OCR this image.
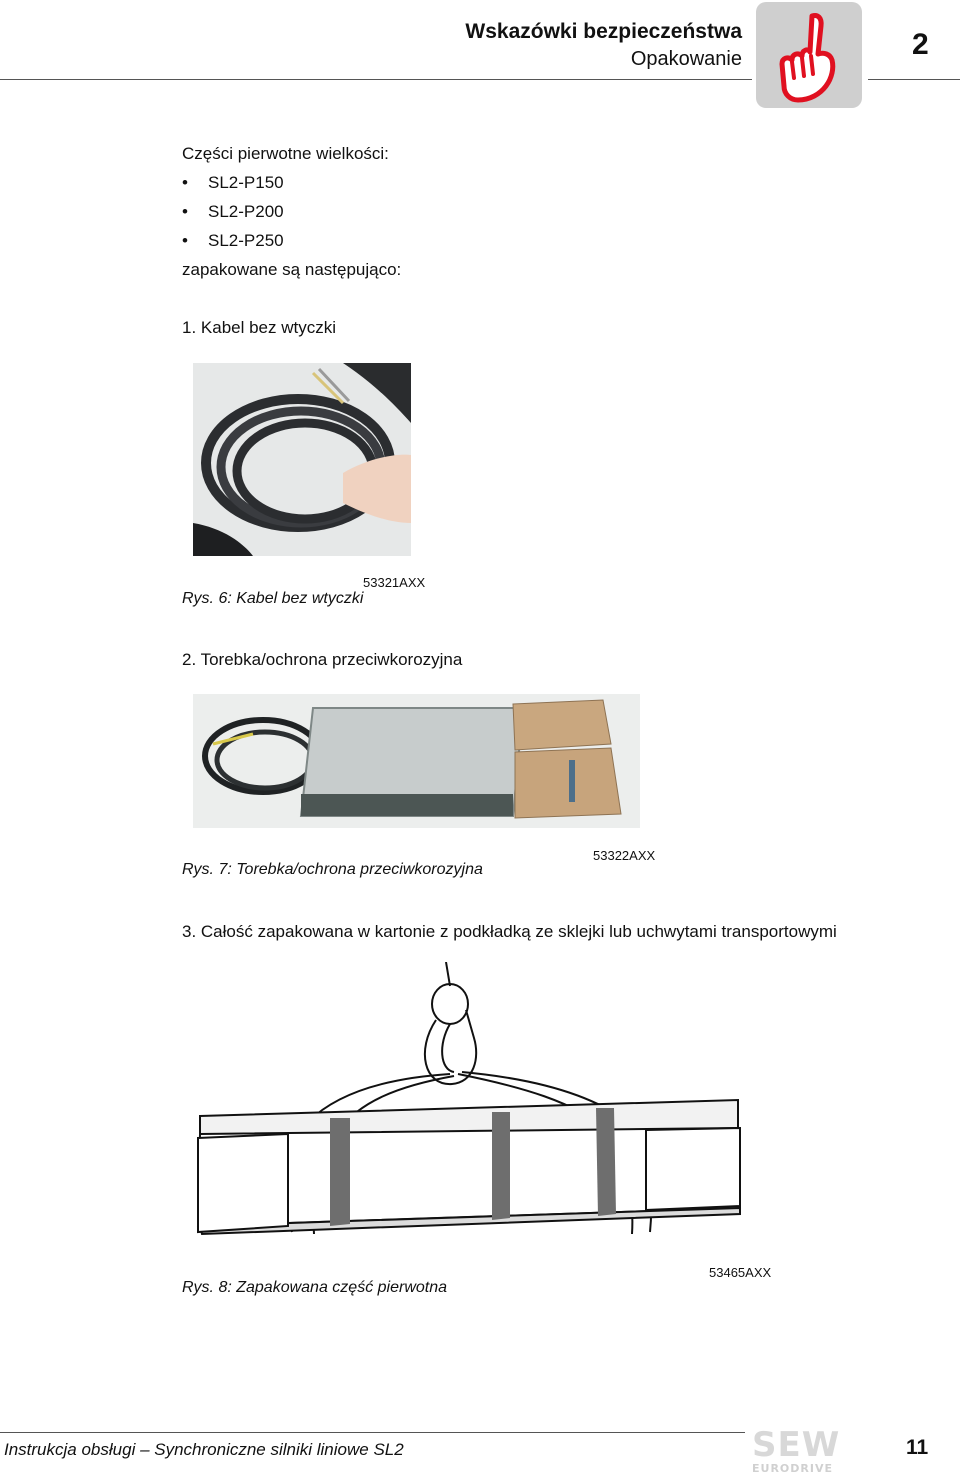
Wskazówki bezpieczeństwa
Opakowanie	2
Części pierwotne wielkości:
• SL2-P150
• SL2-P200
• SL2-P250
zapakowane są następująco:
1. Kabel bez wtyczki
53321AXX
Rys. 6: Kabel bez wtyczki
2. Torebka/ochrona przeciwkorozyjna
Rys. 7: Torebka/ochrona przeciwkorozyjna
53322AXX
3. Całość zapakowana w kartonie z podkładką ze sklejki lub uchwytami transportowymi
Rys. 8: Zapakowana część pierwotna
53465AXX
Instrukcja obsługi – Synchroniczne silniki liniowe SL2	SEW
EURODRIVE
11
